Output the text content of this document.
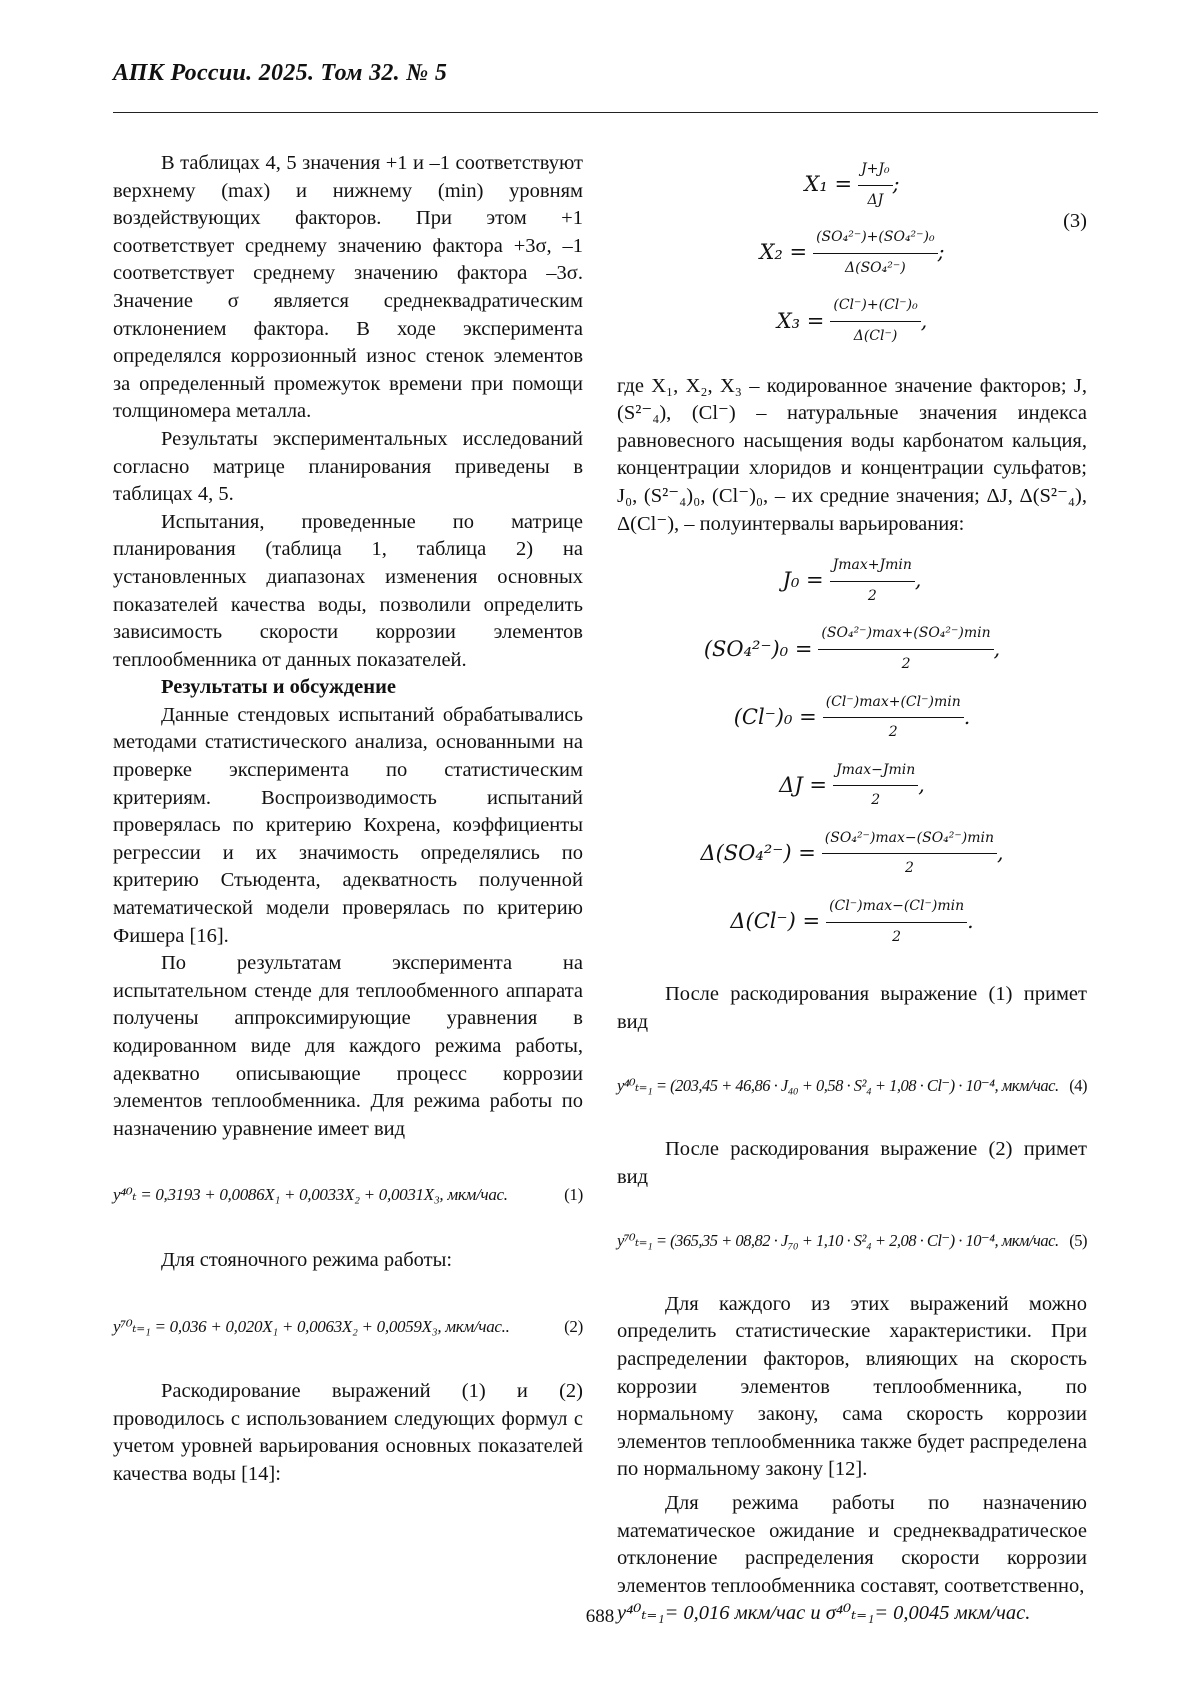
АПК России. 2025. Том 32. № 5

В таблицах 4, 5 значения +1 и –1 соответствуют верхнему (max) и нижнему (min) уровням воздействующих факторов. При этом +1 соответствует среднему значению фактора +3σ, –1 соответствует среднему значению фактора –3σ. Значение σ является среднеквадратическим отклонением фактора. В ходе эксперимента определялся коррозионный износ стенок элементов за определенный промежуток времени при помощи толщиномера металла.

Результаты экспериментальных исследований согласно матрице планирования приведены в таблицах 4, 5.

Испытания, проведенные по матрице планирования (таблица 1, таблица 2) на установленных диапазонах изменения основных показателей качества воды, позволили определить зависимость скорости коррозии элементов теплообменника от данных показателей.

Результаты и обсуждение

Данные стендовых испытаний обрабатывались методами статистического анализа, основанными на проверке эксперимента по статистическим критериям. Воспроизводимость испытаний проверялась по критерию Кохрена, коэффициенты регрессии и их значимость определялись по критерию Стьюдента, адекватность полученной математической модели проверялась по критерию Фишера [16].

По результатам эксперимента на испытательном стенде для теплообменного аппарата получены аппроксимирующие уравнения в кодированном виде для каждого режима работы, адекватно описывающие процесс коррозии элементов теплообменника. Для режима работы по назначению уравнение имеет вид

y⁴⁰ₜ = 0,3193 + 0,0086X₁ + 0,0033X₂ + 0,0031X₃, мкм/час.	(1)

Для стояночного режима работы:

y⁷⁰ₜ₌₁ = 0,036 + 0,020X₁ + 0,0063X₂ + 0,0059X₃, мкм/час..	(2)

Раскодирование выражений (1) и (2) проводилось с использованием следующих формул с учетом уровней варьирования основных показателей качества воды [14]:

$X_1 = \frac{\text{J+J₀}}{\Delta J}$ ;
$X_2 = \frac{\text{(SO₄²⁻)+(SO₄²⁻)₀}}{\text{Δ(SO₄²⁻)}}$ ;
$X_3 = \frac{\text{(Cl⁻)+(Cl⁻)₀}}{\Delta(Cl^-)}$ ,
(3)

где X₁, X₂, X₃ – кодированное значение факторов; J, (S²⁻₄), (Cl⁻) – натуральные значения индекса равновесного насыщения воды карбонатом кальция, концентрации хлоридов и концентрации сульфатов; J₀, (S²⁻₄)₀, (Cl⁻)₀, – их средние значения; ΔJ, Δ(S²⁻₄), Δ(Cl⁻), – полуинтервалы варьирования:

$J_0 = \frac{Jmax+Jmin}{2}$ ,
$(SO_4^{2-})_0 = \frac{\text{(SO₄²⁻)max+(SO₄²⁻)min}}{2}$ ,
$(Cl^-)_0 = \frac{(Cl^-)\max+(Cl^-)\min}{2}$ .
$\Delta J = \frac{Jmax-Jmin}{2}$ ,
$\Delta(SO_4^{2-}) = \frac{\text{(SO₄²⁻)max−(SO₄²⁻)min}}{2}$ ,
$\Delta(Cl^-) = \frac{(Cl^-)\max-(Cl^-)\min}{2}$ .

После раскодирования выражение (1) примет вид

y⁴⁰ₜ₌₁ = (203,45 + 46,86 · J₄₀ + 0,58 · S²₄ + 1,08 · Cl⁻) · 10⁻⁴, мкм/час. (4)

После раскодирования выражение (2) примет вид

y⁷⁰ₜ₌₁ = (365,35 + 08,82 · J₇₀ + 1,10 · S²₄ + 2,08 · Cl⁻) · 10⁻⁴, мкм/час. (5)

Для каждого из этих выражений можно определить статистические характеристики. При распределении факторов, влияющих на скорость коррозии элементов теплообменника, по нормальному закону, сама скорость коррозии элементов теплообменника также будет распределена по нормальному закону [12].

Для режима работы по назначению математическое ожидание и среднеквадратическое отклонение распределения скорости коррозии элементов теплообменника составят, соответственно,

y⁴⁰ₜ₌₁= 0,016 мкм/час и σ⁴⁰ₜ₌₁= 0,0045 мкм/час.

688
